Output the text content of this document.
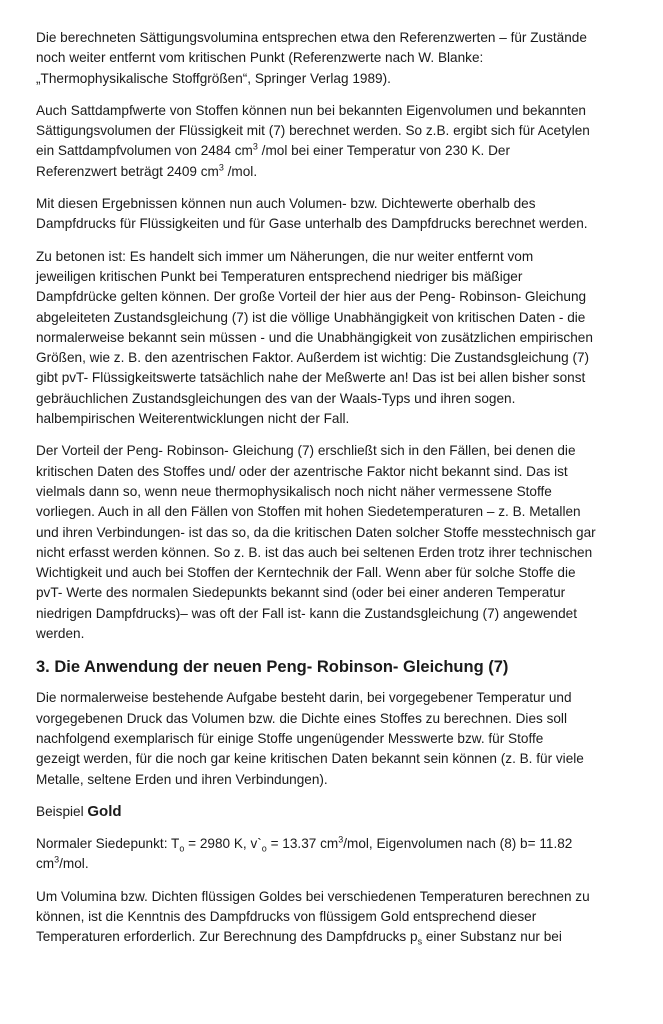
Die berechneten Sättigungsvolumina entsprechen etwa den Referenzwerten – für Zustände
noch weiter entfernt vom kritischen Punkt (Referenzwerte nach W. Blanke:
„Thermophysikalische Stoffgrößen“, Springer Verlag 1989).

Auch Sattdampfwerte von Stoffen können nun bei bekannten Eigenvolumen und bekannten
Sättigungsvolumen der Flüssigkeit mit (7) berechnet werden. So z.B. ergibt sich für Acetylen
ein Sattdampfvolumen von 2484 $cm^3$ /mol bei einer Temperatur von 230 K. Der
Referenzwert beträgt 2409 $cm^3$ /mol.

Mit diesen Ergebnissen können nun auch Volumen- bzw. Dichtewerte oberhalb des
Dampfdrucks für Flüssigkeiten und für Gase unterhalb des Dampfdrucks berechnet werden.

Zu betonen ist: Es handelt sich immer um Näherungen, die nur weiter entfernt vom
jeweiligen kritischen Punkt bei Temperaturen entsprechend niedriger bis mäßiger
Dampfdrücke gelten können. Der große Vorteil der hier aus der Peng- Robinson- Gleichung
abgeleiteten Zustandsgleichung (7) ist die völlige Unabhängigkeit von kritischen Daten - die
normalerweise bekannt sein müssen - und die Unabhängigkeit von zusätzlichen empirischen
Größen, wie z. B. den azentrischen Faktor. Außerdem ist wichtig: Die Zustandsgleichung (7)
gibt pvT- Flüssigkeitswerte tatsächlich nahe der Meßwerte an! Das ist bei allen bisher sonst
gebräuchlichen Zustandsgleichungen des van der Waals-Typs und ihren sogen.
halbempirischen Weiterentwicklungen nicht der Fall.

Der Vorteil der Peng- Robinson- Gleichung (7) erschließt sich in den Fällen, bei denen die
kritischen Daten des Stoffes und/ oder der azentrische Faktor nicht bekannt sind. Das ist
vielmals dann so, wenn neue thermophysikalisch noch nicht näher vermessene Stoffe
vorliegen. Auch in all den Fällen von Stoffen mit hohen Siedetemperaturen – z. B. Metallen
und ihren Verbindungen- ist das so, da die kritischen Daten solcher Stoffe messtechnisch gar
nicht erfasst werden können. So z. B. ist das auch bei seltenen Erden trotz ihrer technischen
Wichtigkeit und auch bei Stoffen der Kerntechnik der Fall. Wenn aber für solche Stoffe die
pvT- Werte des normalen Siedepunkts bekannt sind (oder bei einer anderen Temperatur
niedrigen Dampfdrucks)– was oft der Fall ist- kann die Zustandsgleichung (7) angewendet
werden.

3. Die Anwendung der neuen Peng- Robinson- Gleichung (7)

Die normalerweise bestehende Aufgabe besteht darin, bei vorgegebener Temperatur und
vorgegebenen Druck das Volumen bzw. die Dichte eines Stoffes zu berechnen. Dies soll
nachfolgend exemplarisch für einige Stoffe ungenügender Messwerte bzw. für Stoffe
gezeigt werden, für die noch gar keine kritischen Daten bekannt sein können (z. B. für viele
Metalle, seltene Erden und ihren Verbindungen).

Beispiel Gold

Normaler Siedepunkt: $T_o = 2980$ K, $v`_o = 13.37$ $cm^3$/mol, Eigenvolumen nach (8) b= 11.82
$cm^3$/mol.

Um Volumina bzw. Dichten flüssigen Goldes bei verschiedenen Temperaturen berechnen zu
können, ist die Kenntnis des Dampfdrucks von flüssigem Gold entsprechend dieser
Temperaturen erforderlich. Zur Berechnung des Dampfdrucks $p_s$ einer Substanz nur bei
